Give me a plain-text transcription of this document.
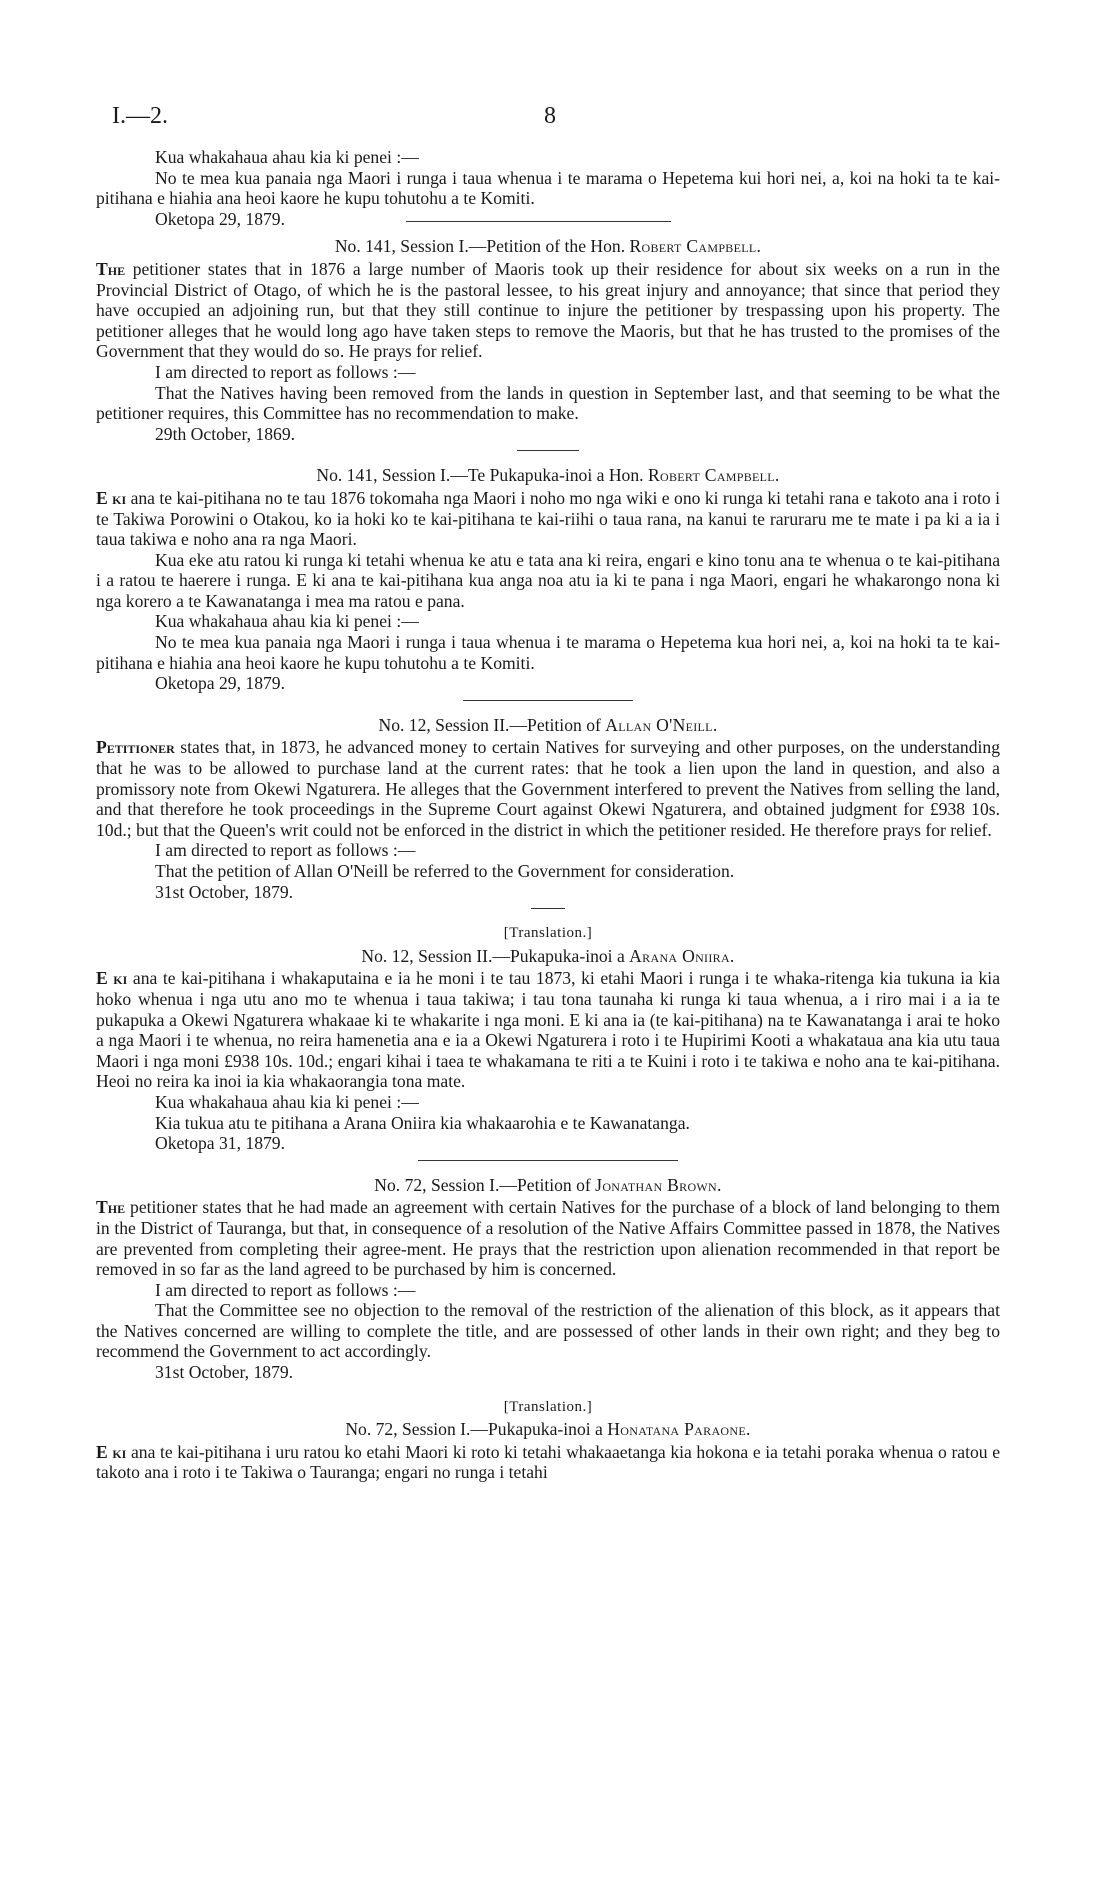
I.—2.	8

Kua whakahaua ahau kia ki penei :—

No te mea kua panaia nga Maori i runga i taua whenua i te marama o Hepetema kui hori nei, a, koi na hoki ta te kai-pitihana e hiahia ana heoi kaore he kupu tohutohu a te Komiti.

Oketopa 29, 1879.

No. 141, Session I.—Petition of the Hon. Robert Campbell.

The petitioner states that in 1876 a large number of Maoris took up their residence for about six weeks on a run in the Provincial District of Otago, of which he is the pastoral lessee, to his great injury and annoyance; that since that period they have occupied an adjoining run, but that they still continue to injure the petitioner by trespassing upon his property. The petitioner alleges that he would long ago have taken steps to remove the Maoris, but that he has trusted to the promises of the Government that they would do so. He prays for relief.

I am directed to report as follows :—

That the Natives having been removed from the lands in question in September last, and that seeming to be what the petitioner requires, this Committee has no recommendation to make.

29th October, 1869.

No. 141, Session I.—Te Pukapuka-inoi a Hon. Robert Campbell.

E ki ana te kai-pitihana no te tau 1876 tokomaha nga Maori i noho mo nga wiki e ono ki runga ki tetahi rana e takoto ana i roto i te Takiwa Porowini o Otakou, ko ia hoki ko te kai-pitihana te kai-riihi o taua rana, na kanui te raruraru me te mate i pa ki a ia i taua takiwa e noho ana ra nga Maori.

Kua eke atu ratou ki runga ki tetahi whenua ke atu e tata ana ki reira, engari e kino tonu ana te whenua o te kai-pitihana i a ratou te haerere i runga. E ki ana te kai-pitihana kua anga noa atu ia ki te pana i nga Maori, engari he whakarongo nona ki nga korero a te Kawanatanga i mea ma ratou e pana.

Kua whakahaua ahau kia ki penei :—

No te mea kua panaia nga Maori i runga i taua whenua i te marama o Hepetema kua hori nei, a, koi na hoki ta te kai-pitihana e hiahia ana heoi kaore he kupu tohutohu a te Komiti.

Oketopa 29, 1879.

No. 12, Session II.—Petition of Allan O'Neill.

Petitioner states that, in 1873, he advanced money to certain Natives for surveying and other purposes, on the understanding that he was to be allowed to purchase land at the current rates: that he took a lien upon the land in question, and also a promissory note from Okewi Ngaturera. He alleges that the Government interfered to prevent the Natives from selling the land, and that therefore he took proceedings in the Supreme Court against Okewi Ngaturera, and obtained judgment for £938 10s. 10d.; but that the Queen's writ could not be enforced in the district in which the petitioner resided. He therefore prays for relief.

I am directed to report as follows :—

That the petition of Allan O'Neill be referred to the Government for consideration.

31st October, 1879.

[Translation.]

No. 12, Session II.—Pukapuka-inoi a Arana Oniira.

E ki ana te kai-pitihana i whakaputaina e ia he moni i te tau 1873, ki etahi Maori i runga i te whaka-ritenga kia tukuna ia kia hoko whenua i nga utu ano mo te whenua i taua takiwa; i tau tona taunaha ki runga ki taua whenua, a i riro mai i a ia te pukapuka a Okewi Ngaturera whakaae ki te whakarite i nga moni. E ki ana ia (te kai-pitihana) na te Kawanatanga i arai te hoko a nga Maori i te whenua, no reira hamenetia ana e ia a Okewi Ngaturera i roto i te Hupirimi Kooti a whakataua ana kia utu taua Maori i nga moni £938 10s. 10d.; engari kihai i taea te whakamana te riti a te Kuini i roto i te takiwa e noho ana te kai-pitihana. Heoi no reira ka inoi ia kia whakaorangia tona mate.

Kua whakahaua ahau kia ki penei :—

Kia tukua atu te pitihana a Arana Oniira kia whakaarohia e te Kawanatanga.

Oketopa 31, 1879.

No. 72, Session I.—Petition of Jonathan Brown.

The petitioner states that he had made an agreement with certain Natives for the purchase of a block of land belonging to them in the District of Tauranga, but that, in consequence of a resolution of the Native Affairs Committee passed in 1878, the Natives are prevented from completing their agree-ment. He prays that the restriction upon alienation recommended in that report be removed in so far as the land agreed to be purchased by him is concerned.

I am directed to report as follows :—

That the Committee see no objection to the removal of the restriction of the alienation of this block, as it appears that the Natives concerned are willing to complete the title, and are possessed of other lands in their own right; and they beg to recommend the Government to act accordingly.

31st October, 1879.

[Translation.]

No. 72, Session I.—Pukapuka-inoi a Honatana Paraone.

E ki ana te kai-pitihana i uru ratou ko etahi Maori ki roto ki tetahi whakaaetanga kia hokona e ia tetahi poraka whenua o ratou e takoto ana i roto i te Takiwa o Tauranga; engari no runga i tetahi
